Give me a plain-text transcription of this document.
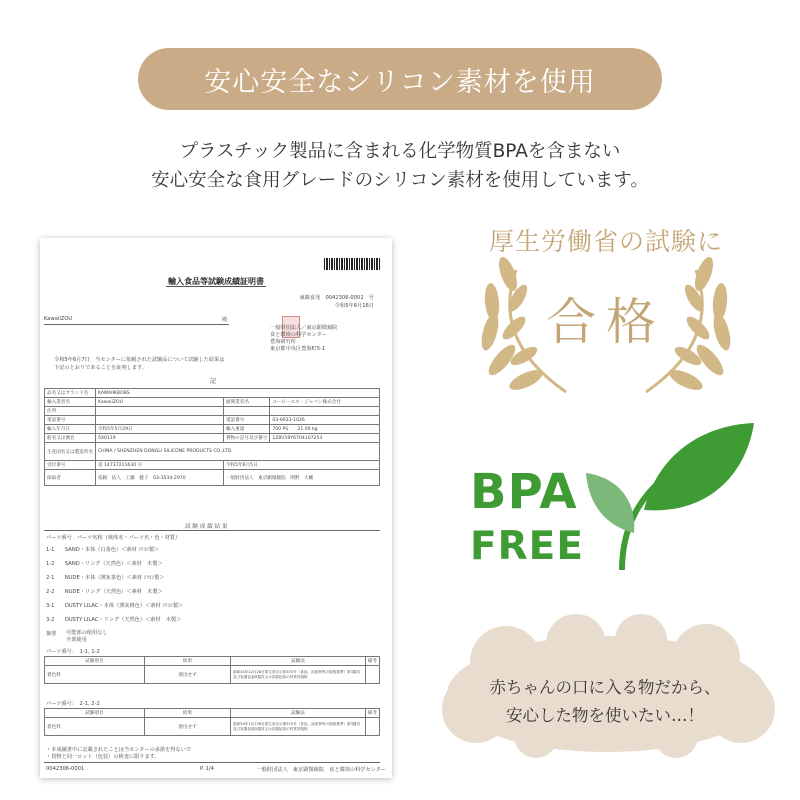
安心安全なシリコン素材を使用
プラスチック製品に含まれる化学物質BPAを含まない
安心安全な食用グレードのシリコン素材を使用しています。
輸入食品等試験成績証明書
東観食発　0042306-0001　号
令和5年6月16日
KawaiiZOU	殿
一般財団法人／東京顕微鏡院
食と環境の科学センター
豊海研究所
東京都中央区豊海町5-1
令和5年6月7日　当センターに依頼された試験品について試験した結果は
下記のとおりであることを証明します。
記
品名又はブランド名	KAWAIIKBOBS		
輸入業者名	KawaiiZOU	通関業者名	ユーピーエス・ジャパン株式会社
住所			
電話番号		電話番号	03-6633-1026
輸入年月日	令和5年5月29日	輸入重量	700 PS　　21.00 kg
船名又は便名	5X0119	貨物の記号及び番号	1Z8V19Y6704107253
生産国名又は製造所名	CHINA / SHENZHEN DONGLI SILICONE PRODUCTS CO.,LTD.		
受付番号	第 14737211630 号	令和5年6月5日	
採取者	依頼　依人　工藤　健子　03-3534-2970	一般財団法人　東京顕微鏡院　関野　大輔	
試 験 成 績 結 果
パーツ番号　パーツ名称（検体名・パーツ名・色・材質）
1-1　　 SAND・本体（白茶色）＜素材 ｼﾘｺﾝ製＞
1-2　　 SAND・リング（天然色）＜素材　木製＞
2-1　　 NUDE・本体（薄灰茶色）＜素材 ｼﾘｺﾝ製＞
2-2　　 NUDE・リング（天然色）＜素材　木製＞
3-1　　 DUSTY LILAC・本体（薄灰桃色）＜素材 ｼﾘｺﾝ製＞
3-2　　 DUSTY LILAC・リング（天然色）＜素材　木製＞
摘要 可能部の使用なし
全部使用
パーツ番号：　1-1, 1-2
試験項目	結果	試験法	備考
着色料	溶出せず	昭和34年12月28日厚生省告示第370号（食品、添加物等の規格基準）第3器具及び容器包装D器具又は容器包装の材質別規格	
パーツ番号：　2-1, 2-2
試験項目	結果	試験法	備考
着色料	溶出せず	昭和34年12月28日厚生省告示第370号（食品、添加物等の規格基準）第3器具及び容器包装D器具又は容器包装の材質別規格	
・本成績書中に記載されたことは当センターの承諾を得ないで
・貨物と同一ロット（包装）の検査に限ります。
0042306-0001	P. 1/4	一般財団法人　東京顕微鏡院　食と環境の科学センター
厚生労働省の試験に
合格
BPA
FREE
赤ちゃんの口に入る物だから、
安心した物を使いたい…！
